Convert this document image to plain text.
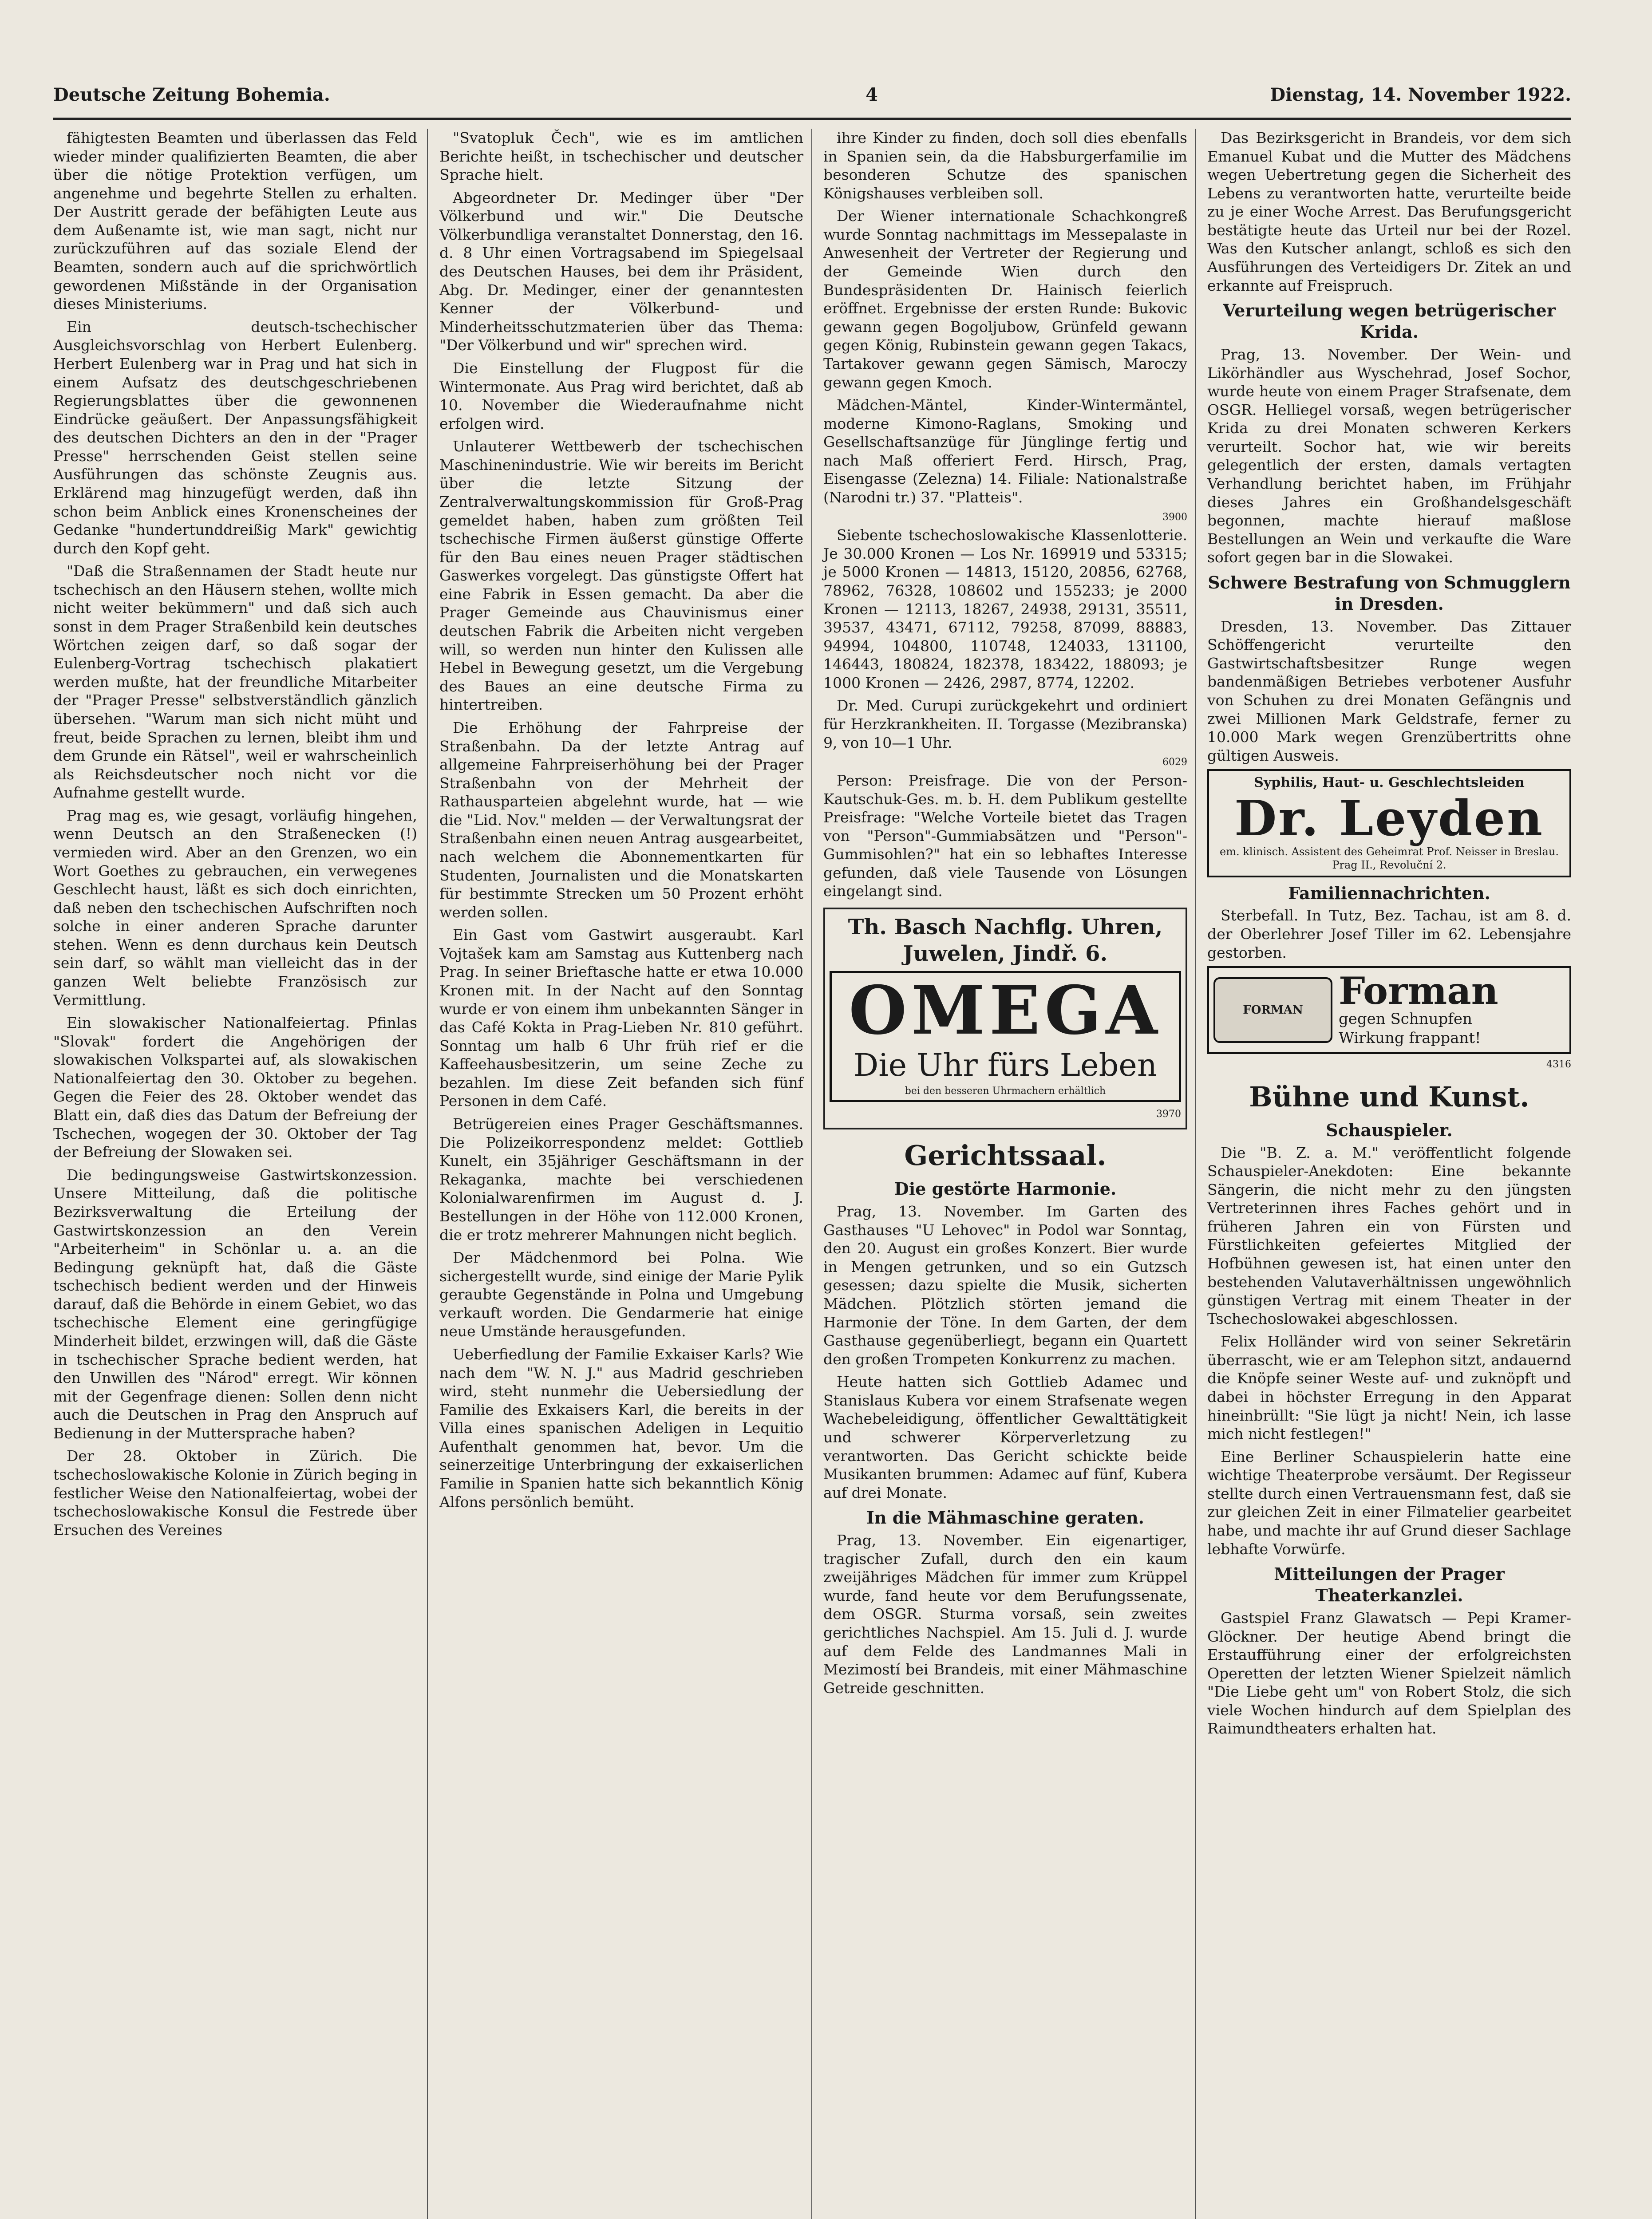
Deutsche Zeitung Bohemia.	4	Dienstag, 14. November 1922.

fähigtesten Beamten und überlassen das Feld wieder minder qualifizierten Beamten, die aber über die nötige Protektion verfügen, um angenehme und begehrte Stellen zu erhalten. Der Austritt gerade der befähigten Leute aus dem Außenamte ist, wie man sagt, nicht nur zurückzuführen auf das soziale Elend der Beamten, sondern auch auf die sprichwörtlich gewordenen Mißstände in der Organisation dieses Ministeriums.

Ein deutsch-tschechischer Ausgleichsvorschlag von Herbert Eulenberg. Herbert Eulenberg war in Prag und hat sich in einem Aufsatz des deutschgeschriebenen Regierungsblattes über die gewonnenen Eindrücke geäußert. Der Anpassungsfähigkeit des deutschen Dichters an den in der "Prager Presse" herrschenden Geist stellen seine Ausführungen das schönste Zeugnis aus. Erklärend mag hinzugefügt werden, daß ihn schon beim Anblick eines Kronenscheines der Gedanke "hundertunddreißig Mark" gewichtig durch den Kopf geht.

"Daß die Straßennamen der Stadt heute nur tschechisch an den Häusern stehen, wollte mich nicht weiter bekümmern" und daß sich auch sonst in dem Prager Straßenbild kein deutsches Wörtchen zeigen darf, so daß sogar der Eulenberg-Vortrag tschechisch plakatiert werden mußte, hat der freundliche Mitarbeiter der "Prager Presse" selbstverständlich gänzlich übersehen. "Warum man sich nicht müht und freut, beide Sprachen zu lernen, bleibt ihm und dem Grunde ein Rätsel", weil er wahrscheinlich als Reichsdeutscher noch nicht vor die Aufnahme gestellt wurde.

Prag mag es, wie gesagt, vorläufig hingehen, wenn Deutsch an den Straßenecken (!) vermieden wird. Aber an den Grenzen, wo ein Wort Goethes zu gebrauchen, ein verwegenes Geschlecht haust, läßt es sich doch einrichten, daß neben den tschechischen Aufschriften noch solche in einer anderen Sprache darunter stehen. Wenn es denn durchaus kein Deutsch sein darf, so wählt man vielleicht das in der ganzen Welt beliebte Französisch zur Vermittlung.

Ein slowakischer Nationalfeiertag. Pfinlas "Slovak" fordert die Angehörigen der slowakischen Volkspartei auf, als slowakischen Nationalfeiertag den 30. Oktober zu begehen. Gegen die Feier des 28. Oktober wendet das Blatt ein, daß dies das Datum der Befreiung der Tschechen, wogegen der 30. Oktober der Tag der Befreiung der Slowaken sei.

Die bedingungsweise Gastwirtskonzession. Unsere Mitteilung, daß die politische Bezirksverwaltung die Erteilung der Gastwirtskonzession an den Verein "Arbeiterheim" in Schönlar u. a. an die Bedingung geknüpft hat, daß die Gäste tschechisch bedient werden und der Hinweis darauf, daß die Behörde in einem Gebiet, wo das tschechische Element eine geringfügige Minderheit bildet, erzwingen will, daß die Gäste in tschechischer Sprache bedient werden, hat den Unwillen des "Národ" erregt. Wir können mit der Gegenfrage dienen: Sollen denn nicht auch die Deutschen in Prag den Anspruch auf Bedienung in der Muttersprache haben?

Der 28. Oktober in Zürich. Die tschechoslowakische Kolonie in Zürich beging in festlicher Weise den Nationalfeiertag, wobei der tschechoslowakische Konsul die Festrede über Ersuchen des Vereines

"Svatopluk Čech", wie es im amtlichen Berichte heißt, in tschechischer und deutscher Sprache hielt.

Abgeordneter Dr. Medinger über "Der Völkerbund und wir." Die Deutsche Völkerbundliga veranstaltet Donnerstag, den 16. d. 8 Uhr einen Vortragsabend im Spiegelsaal des Deutschen Hauses, bei dem ihr Präsident, Abg. Dr. Medinger, einer der genanntesten Kenner der Völkerbund- und Minderheitsschutzmaterien über das Thema: "Der Völkerbund und wir" sprechen wird.

Die Einstellung der Flugpost für die Wintermonate. Aus Prag wird berichtet, daß ab 10. November die Wiederaufnahme nicht erfolgen wird.

Unlauterer Wettbewerb der tschechischen Maschinenindustrie. Wie wir bereits im Bericht über die letzte Sitzung der Zentralverwaltungskommission für Groß-Prag gemeldet haben, haben zum größten Teil tschechische Firmen äußerst günstige Offerte für den Bau eines neuen Prager städtischen Gaswerkes vorgelegt. Das günstigste Offert hat eine Fabrik in Essen gemacht. Da aber die Prager Gemeinde aus Chauvinismus einer deutschen Fabrik die Arbeiten nicht vergeben will, so werden nun hinter den Kulissen alle Hebel in Bewegung gesetzt, um die Vergebung des Baues an eine deutsche Firma zu hintertreiben.

Die Erhöhung der Fahrpreise der Straßenbahn. Da der letzte Antrag auf allgemeine Fahrpreiserhöhung bei der Prager Straßenbahn von der Mehrheit der Rathausparteien abgelehnt wurde, hat — wie die "Lid. Nov." melden — der Verwaltungsrat der Straßenbahn einen neuen Antrag ausgearbeitet, nach welchem die Abonnementkarten für Studenten, Journalisten und die Monatskarten für bestimmte Strecken um 50 Prozent erhöht werden sollen.

Ein Gast vom Gastwirt ausgeraubt. Karl Vojtašek kam am Samstag aus Kuttenberg nach Prag. In seiner Brieftasche hatte er etwa 10.000 Kronen mit. In der Nacht auf den Sonntag wurde er von einem ihm unbekannten Sänger in das Café Kokta in Prag-Lieben Nr. 810 geführt. Sonntag um halb 6 Uhr früh rief er die Kaffeehausbesitzerin, um seine Zeche zu bezahlen. Im diese Zeit befanden sich fünf Personen in dem Café.

Betrügereien eines Prager Geschäftsmannes. Die Polizeikorrespondenz meldet: Gottlieb Kunelt, ein 35jähriger Geschäftsmann in der Rekaganka, machte bei verschiedenen Kolonialwarenfirmen im August d. J. Bestellungen in der Höhe von 112.000 Kronen, die er trotz mehrerer Mahnungen nicht beglich.

Der Mädchenmord bei Polna. Wie sichergestellt wurde, sind einige der Marie Pylik geraubte Gegenstände in Polna und Umgebung verkauft worden. Die Gendarmerie hat einige neue Umstände herausgefunden.

Ueberfiedlung der Familie Exkaiser Karls? Wie nach dem "W. N. J." aus Madrid geschrieben wird, steht nunmehr die Uebersiedlung der Familie des Exkaisers Karl, die bereits in der Villa eines spanischen Adeligen in Lequitio Aufenthalt genommen hat, bevor. Um die seinerzeitige Unterbringung der exkaiserlichen Familie in Spanien hatte sich bekanntlich König Alfons persönlich bemüht.

ihre Kinder zu finden, doch soll dies ebenfalls in Spanien sein, da die Habsburgerfamilie im besonderen Schutze des spanischen Königshauses verbleiben soll.

Der Wiener internationale Schachkongreß wurde Sonntag nachmittags im Messepalaste in Anwesenheit der Vertreter der Regierung und der Gemeinde Wien durch den Bundespräsidenten Dr. Hainisch feierlich eröffnet. Ergebnisse der ersten Runde: Bukovic gewann gegen Bogoljubow, Grünfeld gewann gegen König, Rubinstein gewann gegen Takacs, Tartakover gewann gegen Sämisch, Maroczy gewann gegen Kmoch.

Mädchen-Mäntel, Kinder-Wintermäntel, moderne Kimono-Raglans, Smoking und Gesellschaftsanzüge für Jünglinge fertig und nach Maß offeriert Ferd. Hirsch, Prag, Eisengasse (Zelezna) 14. Filiale: Nationalstraße (Narodni tr.) 37. "Platteis".

3900

Siebente tschechoslowakische Klassenlotterie. Je 30.000 Kronen — Los Nr. 169919 und 53315; je 5000 Kronen — 14813, 15120, 20856, 62768, 78962, 76328, 108602 und 155233; je 2000 Kronen — 12113, 18267, 24938, 29131, 35511, 39537, 43471, 67112, 79258, 87099, 88883, 94994, 104800, 110748, 124033, 131100, 146443, 180824, 182378, 183422, 188093; je 1000 Kronen — 2426, 2987, 8774, 12202.

Dr. Med. Curupi zurückgekehrt und ordiniert für Herzkrankheiten. II. Torgasse (Mezibranska) 9, von 10—1 Uhr.

6029

Person: Preisfrage. Die von der Person-Kautschuk-Ges. m. b. H. dem Publikum gestellte Preisfrage: "Welche Vorteile bietet das Tragen von "Person"-Gummiabsätzen und "Person"-Gummisohlen?" hat ein so lebhaftes Interesse gefunden, daß viele Tausende von Lösungen eingelangt sind.

Th. Basch Nachflg. Uhren, Juwelen, Jindř. 6.
OMEGA
Die Uhr fürs Leben
bei den besseren Uhrmachern erhältlich

3970

Gerichtssaal.
Die gestörte Harmonie.

Prag, 13. November. Im Garten des Gasthauses "U Lehovec" in Podol war Sonntag, den 20. August ein großes Konzert. Bier wurde in Mengen getrunken, und so ein Gutzsch gesessen; dazu spielte die Musik, sicherten Mädchen. Plötzlich störten jemand die Harmonie der Töne. In dem Garten, der dem Gasthause gegenüberliegt, begann ein Quartett den großen Trompeten Konkurrenz zu machen.

Heute hatten sich Gottlieb Adamec und Stanislaus Kubera vor einem Strafsenate wegen Wachebeleidigung, öffentlicher Gewalttätigkeit und schwerer Körperverletzung zu verantworten. Das Gericht schickte beide Musikanten brummen: Adamec auf fünf, Kubera auf drei Monate.

In die Mähmaschine geraten.

Prag, 13. November. Ein eigenartiger, tragischer Zufall, durch den ein kaum zweijähriges Mädchen für immer zum Krüppel wurde, fand heute vor dem Berufungssenate, dem OSGR. Sturma vorsaß, sein zweites gerichtliches Nachspiel. Am 15. Juli d. J. wurde auf dem Felde des Landmannes Mali in Mezimostí bei Brandeis, mit einer Mähmaschine Getreide geschnitten.

Das Bezirksgericht in Brandeis, vor dem sich Emanuel Kubat und die Mutter des Mädchens wegen Uebertretung gegen die Sicherheit des Lebens zu verantworten hatte, verurteilte beide zu je einer Woche Arrest. Das Berufungsgericht bestätigte heute das Urteil nur bei der Rozel. Was den Kutscher anlangt, schloß es sich den Ausführungen des Verteidigers Dr. Zitek an und erkannte auf Freispruch.

Verurteilung wegen betrügerischer Krida.

Prag, 13. November. Der Wein- und Likörhändler aus Wyschehrad, Josef Sochor, wurde heute von einem Prager Strafsenate, dem OSGR. Helliegel vorsaß, wegen betrügerischer Krida zu drei Monaten schweren Kerkers verurteilt. Sochor hat, wie wir bereits gelegentlich der ersten, damals vertagten Verhandlung berichtet haben, im Frühjahr dieses Jahres ein Großhandelsgeschäft begonnen, machte hierauf maßlose Bestellungen an Wein und verkaufte die Ware sofort gegen bar in die Slowakei.

Schwere Bestrafung von Schmugglern in Dresden.

Dresden, 13. November. Das Zittauer Schöffengericht verurteilte den Gastwirtschaftsbesitzer Runge wegen bandenmäßigen Betriebes verbotener Ausfuhr von Schuhen zu drei Monaten Gefängnis und zwei Millionen Mark Geldstrafe, ferner zu 10.000 Mark wegen Grenzübertritts ohne gültigen Ausweis.

Syphilis, Haut- u. Geschlechtsleiden
Dr. Leyden
em. klinisch. Assistent des Geheimrat Prof. Neisser in Breslau. Prag II., Revoluční 2.
Familiennachrichten.

Sterbefall. In Tutz, Bez. Tachau, ist am 8. d. der Oberlehrer Josef Tiller im 62. Lebensjahre gestorben.

FORMAN Forman
gegen Schnupfen
Wirkung frappant!

4316

Bühne und Kunst.
Schauspieler.

Die "B. Z. a. M." veröffentlicht folgende Schauspieler-Anekdoten: Eine bekannte Sängerin, die nicht mehr zu den jüngsten Vertreterinnen ihres Faches gehört und in früheren Jahren ein von Fürsten und Fürstlichkeiten gefeiertes Mitglied der Hofbühnen gewesen ist, hat einen unter den bestehenden Valutaverhältnissen ungewöhnlich günstigen Vertrag mit einem Theater in der Tschechoslowakei abgeschlossen.

Felix Holländer wird von seiner Sekretärin überrascht, wie er am Telephon sitzt, andauernd die Knöpfe seiner Weste auf- und zuknöpft und dabei in höchster Erregung in den Apparat hineinbrüllt: "Sie lügt ja nicht! Nein, ich lasse mich nicht festlegen!"

Eine Berliner Schauspielerin hatte eine wichtige Theaterprobe versäumt. Der Regisseur stellte durch einen Vertrauensmann fest, daß sie zur gleichen Zeit in einer Filmatelier gearbeitet habe, und machte ihr auf Grund dieser Sachlage lebhafte Vorwürfe.

Mitteilungen der Prager Theaterkanzlei.

Gastspiel Franz Glawatsch — Pepi Kramer-Glöckner. Der heutige Abend bringt die Erstaufführung einer der erfolgreichsten Operetten der letzten Wiener Spielzeit nämlich "Die Liebe geht um" von Robert Stolz, die sich viele Wochen hindurch auf dem Spielplan des Raimundtheaters erhalten hat.
